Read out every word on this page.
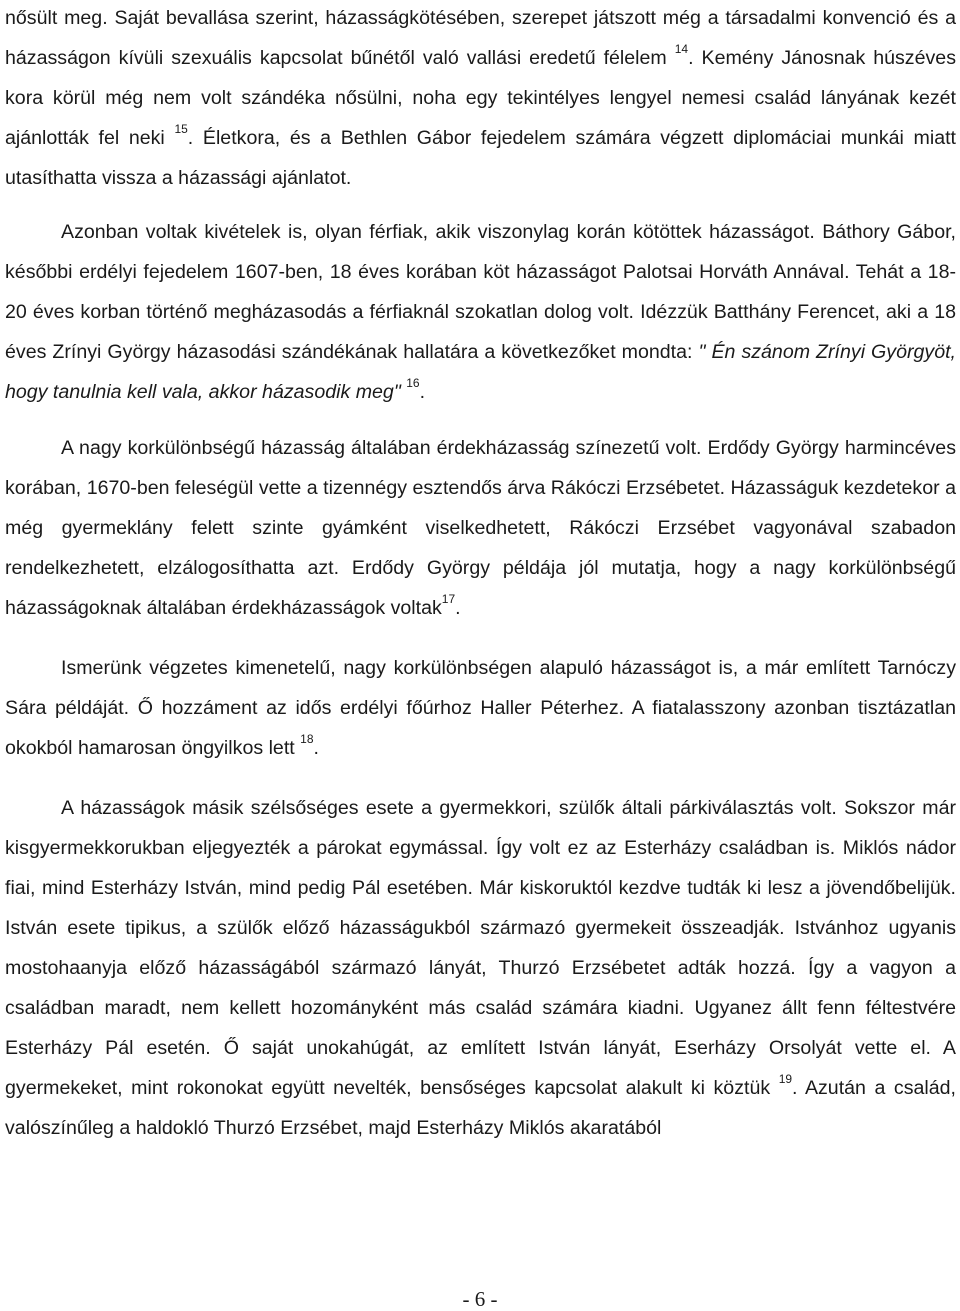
nősült meg. Saját bevallása szerint, házasságkötésében, szerepet játszott még a társadalmi konvenció és a házasságon kívüli szexuális kapcsolat bűnétől való vallási eredetű félelem $^{14}$. Kemény Jánosnak húszéves kora körül még nem volt szándéka nősülni, noha egy tekintélyes lengyel nemesi család lányának kezét ajánlották fel neki $^{15}$. Életkora, és a Bethlen Gábor fejedelem számára végzett diplomáciai munkái miatt utasíthatta vissza a házassági ajánlatot.

Azonban voltak kivételek is, olyan férfiak, akik viszonylag korán kötöttek házasságot. Báthory Gábor, későbbi erdélyi fejedelem 1607-ben, 18 éves korában köt házasságot Palotsai Horváth Annával. Tehát a 18-20 éves korban történő megházasodás a férfiaknál szokatlan dolog volt. Idézzük Batthány Ferencet, aki a 18 éves Zrínyi György házasodási szándékának hallatára a következőket mondta: " Én szánom Zrínyi Györgyöt, hogy tanulnia kell vala, akkor házasodik meg" $^{16}$.

A nagy korkülönbségű házasság általában érdekházasság színezetű volt. Erdődy György harmincéves korában, 1670-ben feleségül vette a tizennégy esztendős árva Rákóczi Erzsébetet. Házasságuk kezdetekor a még gyermeklány felett szinte gyámként viselkedhetett, Rákóczi Erzsébet vagyonával szabadon rendelkezhetett, elzálogosíthatta azt. Erdődy György példája jól mutatja, hogy a nagy korkülönbségű házasságoknak általában érdekházasságok voltak$^{17}$.

Ismerünk végzetes kimenetelű, nagy korkülönbségen alapuló házasságot is, a már említett Tarnóczy Sára példáját. Ő hozzáment az idős erdélyi főúrhoz Haller Péterhez. A fiatalasszony azonban tisztázatlan okokból hamarosan öngyilkos lett $^{18}$.

A házasságok másik szélsőséges esete a gyermekkori, szülők általi párkiválasztás volt. Sokszor már kisgyermekkorukban eljegyezték a párokat egymással. Így volt ez az Esterházy családban is. Miklós nádor fiai, mind Esterházy István, mind pedig Pál esetében. Már kiskoruktól kezdve tudták ki lesz a jövendőbelijük. István esete tipikus, a szülők előző házasságukból származó gyermekeit összeadják. Istvánhoz ugyanis mostohaanyja előző házasságából származó lányát, Thurzó Erzsébetet adták hozzá. Így a vagyon a családban maradt, nem kellett hozományként más család számára kiadni. Ugyanez állt fenn féltestvére Esterházy Pál esetén. Ő saját unokahúgát, az említett István lányát, Eserházy Orsolyát vette el. A gyermekeket, mint rokonokat együtt nevelték, bensőséges kapcsolat alakult ki köztük $^{19}$. Azután a család, valószínűleg a haldokló Thurzó Erzsébet, majd Esterházy Miklós akaratából

- 6 -
